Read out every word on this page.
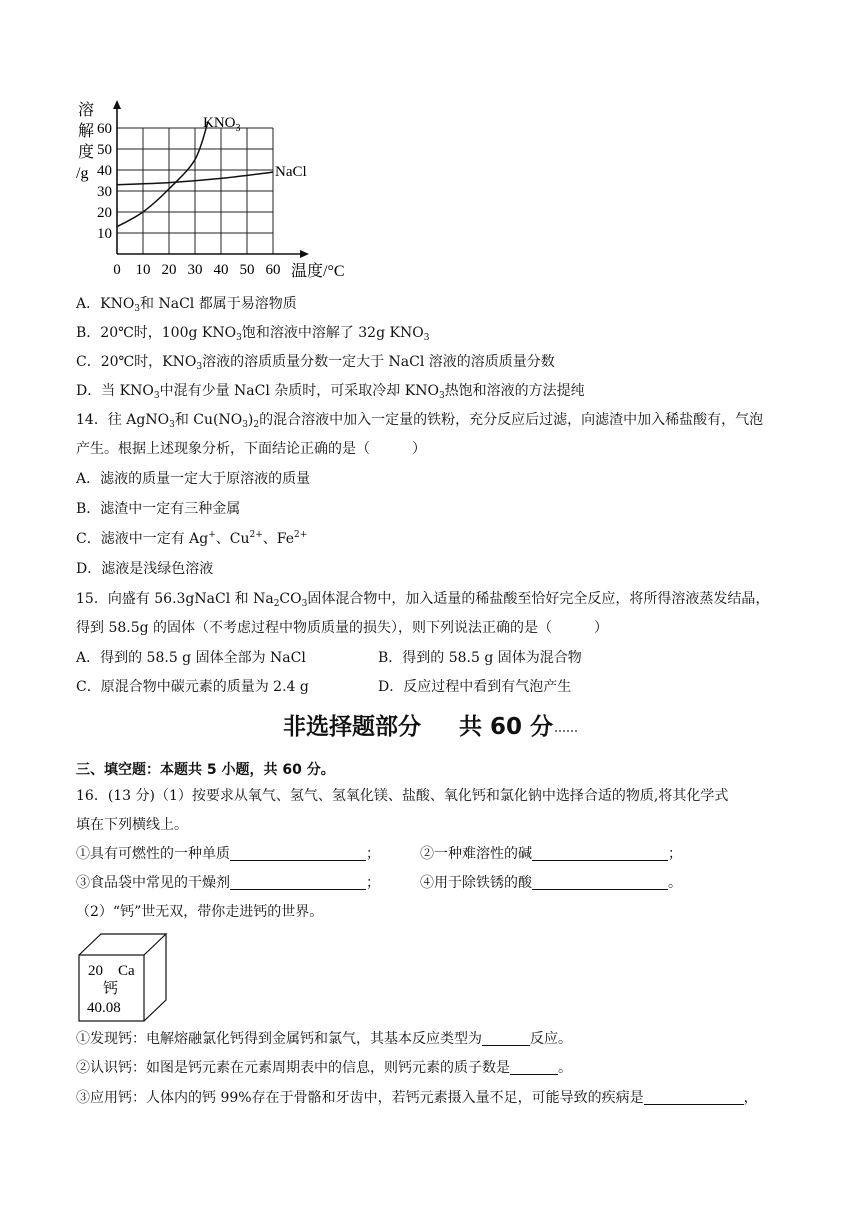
溶
解
度
/g
0 10 20 30 40 50 60
10
20
30
40
50
60	$KNO_3$
NaCl
温度/°C
A．$KNO_3$和 NaCl 都属于易溶物质
B．20℃时，100g $KNO_3$饱和溶液中溶解了 32g $KNO_3$
C．20℃时，$KNO_3$溶液的溶质质量分数一定大于 NaCl 溶液的溶质质量分数
D．当 $KNO_3$中混有少量 NaCl 杂质时，可采取冷却 $KNO_3$热饱和溶液的方法提纯
14．往 AgNO$_3$和 $Cu(NO_3)_2$的混合溶液中加入一定量的铁粉，充分反应后过滤，向滤渣中加入稀盐酸有，气泡
产生。根据上述现象分析，下面结论正确的是（　　　）
A．滤液的质量一定大于原溶液的质量
B．滤渣中一定有三种金属
C．滤液中一定有 Ag+、$Cu^{2+}$、$Fe^{2+}$
D．滤液是浅绿色溶液
15．向盛有 56.3gNaCl 和 $Na_2CO_3$固体混合物中，加入适量的稀盐酸至恰好完全反应，将所得溶液蒸发结晶，
得到 58.5g 的固体（不考虑过程中物质质量的损失），则下列说法正确的是（　　　）
A．得到的 58.5 g 固体全部为 NaCl	B．得到的 58.5 g 固体为混合物
C．原混合物中碳元素的质量为 2.4 g	D．反应过程中看到有气泡产生
非选择题部分 共 60 分
三、填空题：本题共 5 小题，共 60 分。
16．(13 分)（1）按要求从氧气、氢气、氢氧化镁、盐酸、氧化钙和氯化钠中选择合适的物质,将其化学式
填在下列横线上。
①具有可燃性的一种单质	；	②一种难溶性的碱	；
③食品袋中常见的干燥剂	；	④用于除铁锈的酸	。
（2）“钙”世无双，带你走进钙的世界。
20 Ca
钙
40.08
①发现钙：电解熔融氯化钙得到金属钙和氯气，其基本反应类型为	反应。
②认识钙：如图是钙元素在元素周期表中的信息，则钙元素的质子数是	。
③应用钙：人体内的钙 99%存在于骨骼和牙齿中，若钙元素摄入量不足，可能导致的疾病是	，
